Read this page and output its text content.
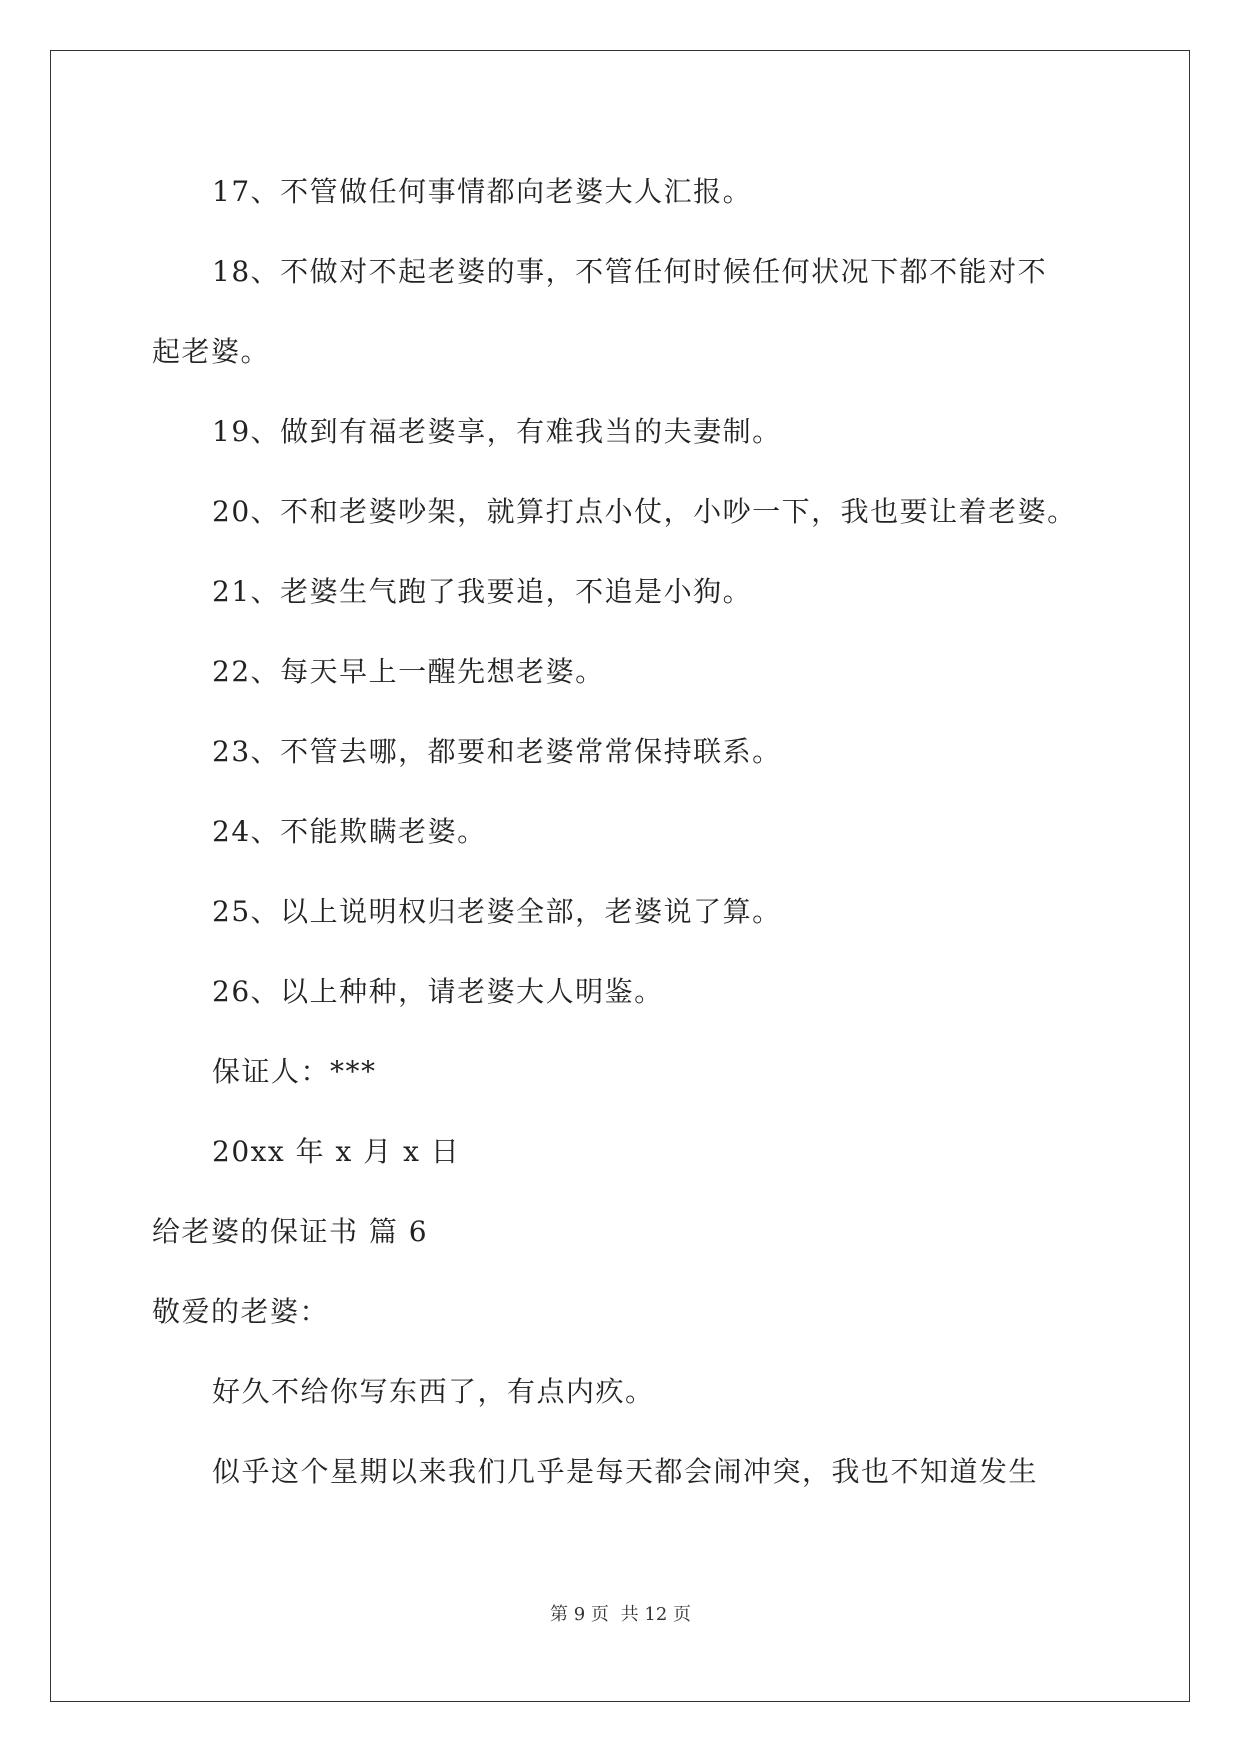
17、不管做任何事情都向老婆大人汇报。
18、不做对不起老婆的事，不管任何时候任何状况下都不能对不
起老婆。
19、做到有福老婆享，有难我当的夫妻制。
20、不和老婆吵架，就算打点小仗，小吵一下，我也要让着老婆。
21、老婆生气跑了我要追，不追是小狗。
22、每天早上一醒先想老婆。
23、不管去哪，都要和老婆常常保持联系。
24、不能欺瞒老婆。
25、以上说明权归老婆全部，老婆说了算。
26、以上种种，请老婆大人明鉴。
保证人：***
20xx 年 x 月 x 日
给老婆的保证书 篇 6
敬爱的老婆：
好久不给你写东西了，有点内疚。
似乎这个星期以来我们几乎是每天都会闹冲突，我也不知道发生
第 9 页 共 12 页
